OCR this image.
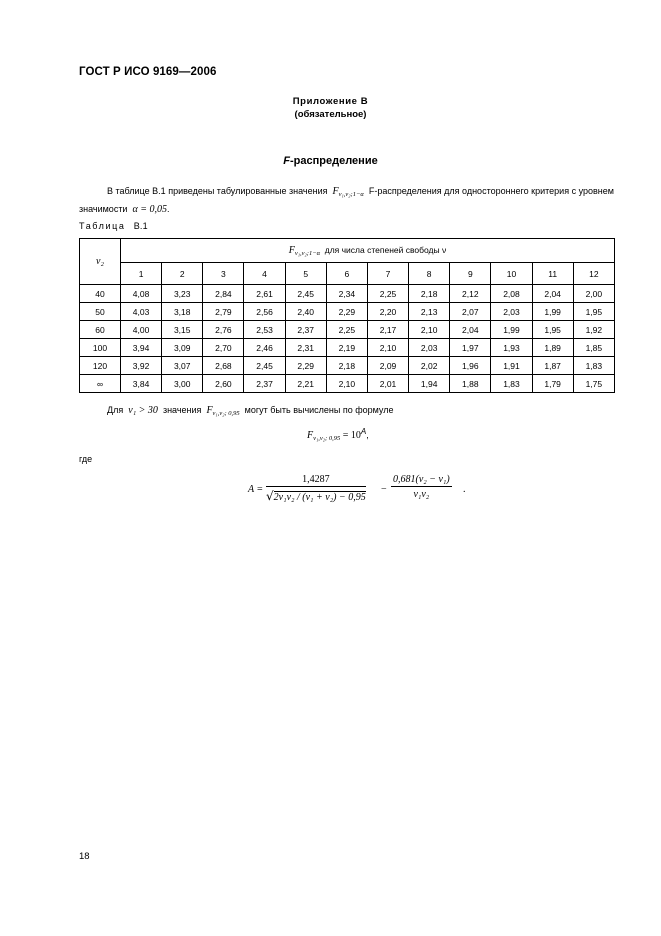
ГОСТ Р ИСО 9169—2006
Приложение В
(обязательное)
F-распределение
В таблице В.1 приведены табулированные значения $F_{\nu_1,\nu_2;1-\alpha}$ F-распределения для одностороннего критерия с уровнем значимости α = 0,05.
Таблица В.1
ν₂	$F_{\nu_1,\nu_2;1-\alpha}$ для числа степеней свободы ν											
	1	2	3	4	5	6	7	8	9	10	11	12
40	4,08	3,23	2,84	2,61	2,45	2,34	2,25	2,18	2,12	2,08	2,04	2,00
50	4,03	3,18	2,79	2,56	2,40	2,29	2,20	2,13	2,07	2,03	1,99	1,95
60	4,00	3,15	2,76	2,53	2,37	2,25	2,17	2,10	2,04	1,99	1,95	1,92
100	3,94	3,09	2,70	2,46	2,31	2,19	2,10	2,03	1,97	1,93	1,89	1,85
120	3,92	3,07	2,68	2,45	2,29	2,18	2,09	2,02	1,96	1,91	1,87	1,83
∞	3,84	3,00	2,60	2,37	2,21	2,10	2,01	1,94	1,88	1,83	1,79	1,75
Для ν₁ > 30 значения $F_{\nu_1,\nu_2; 0,95}$ могут быть вычислены по формуле
$F_{\nu_1,\nu_2; 0,95} = 10A$,
где
$A = \frac{1,4287}{\text{√2ν₁ν₂ / (ν₁ + ν₂) − 0,95}} - \frac{\text{0,681(ν₂ − ν₁)}}{\text{ν₁ν₂}}$ .
18
